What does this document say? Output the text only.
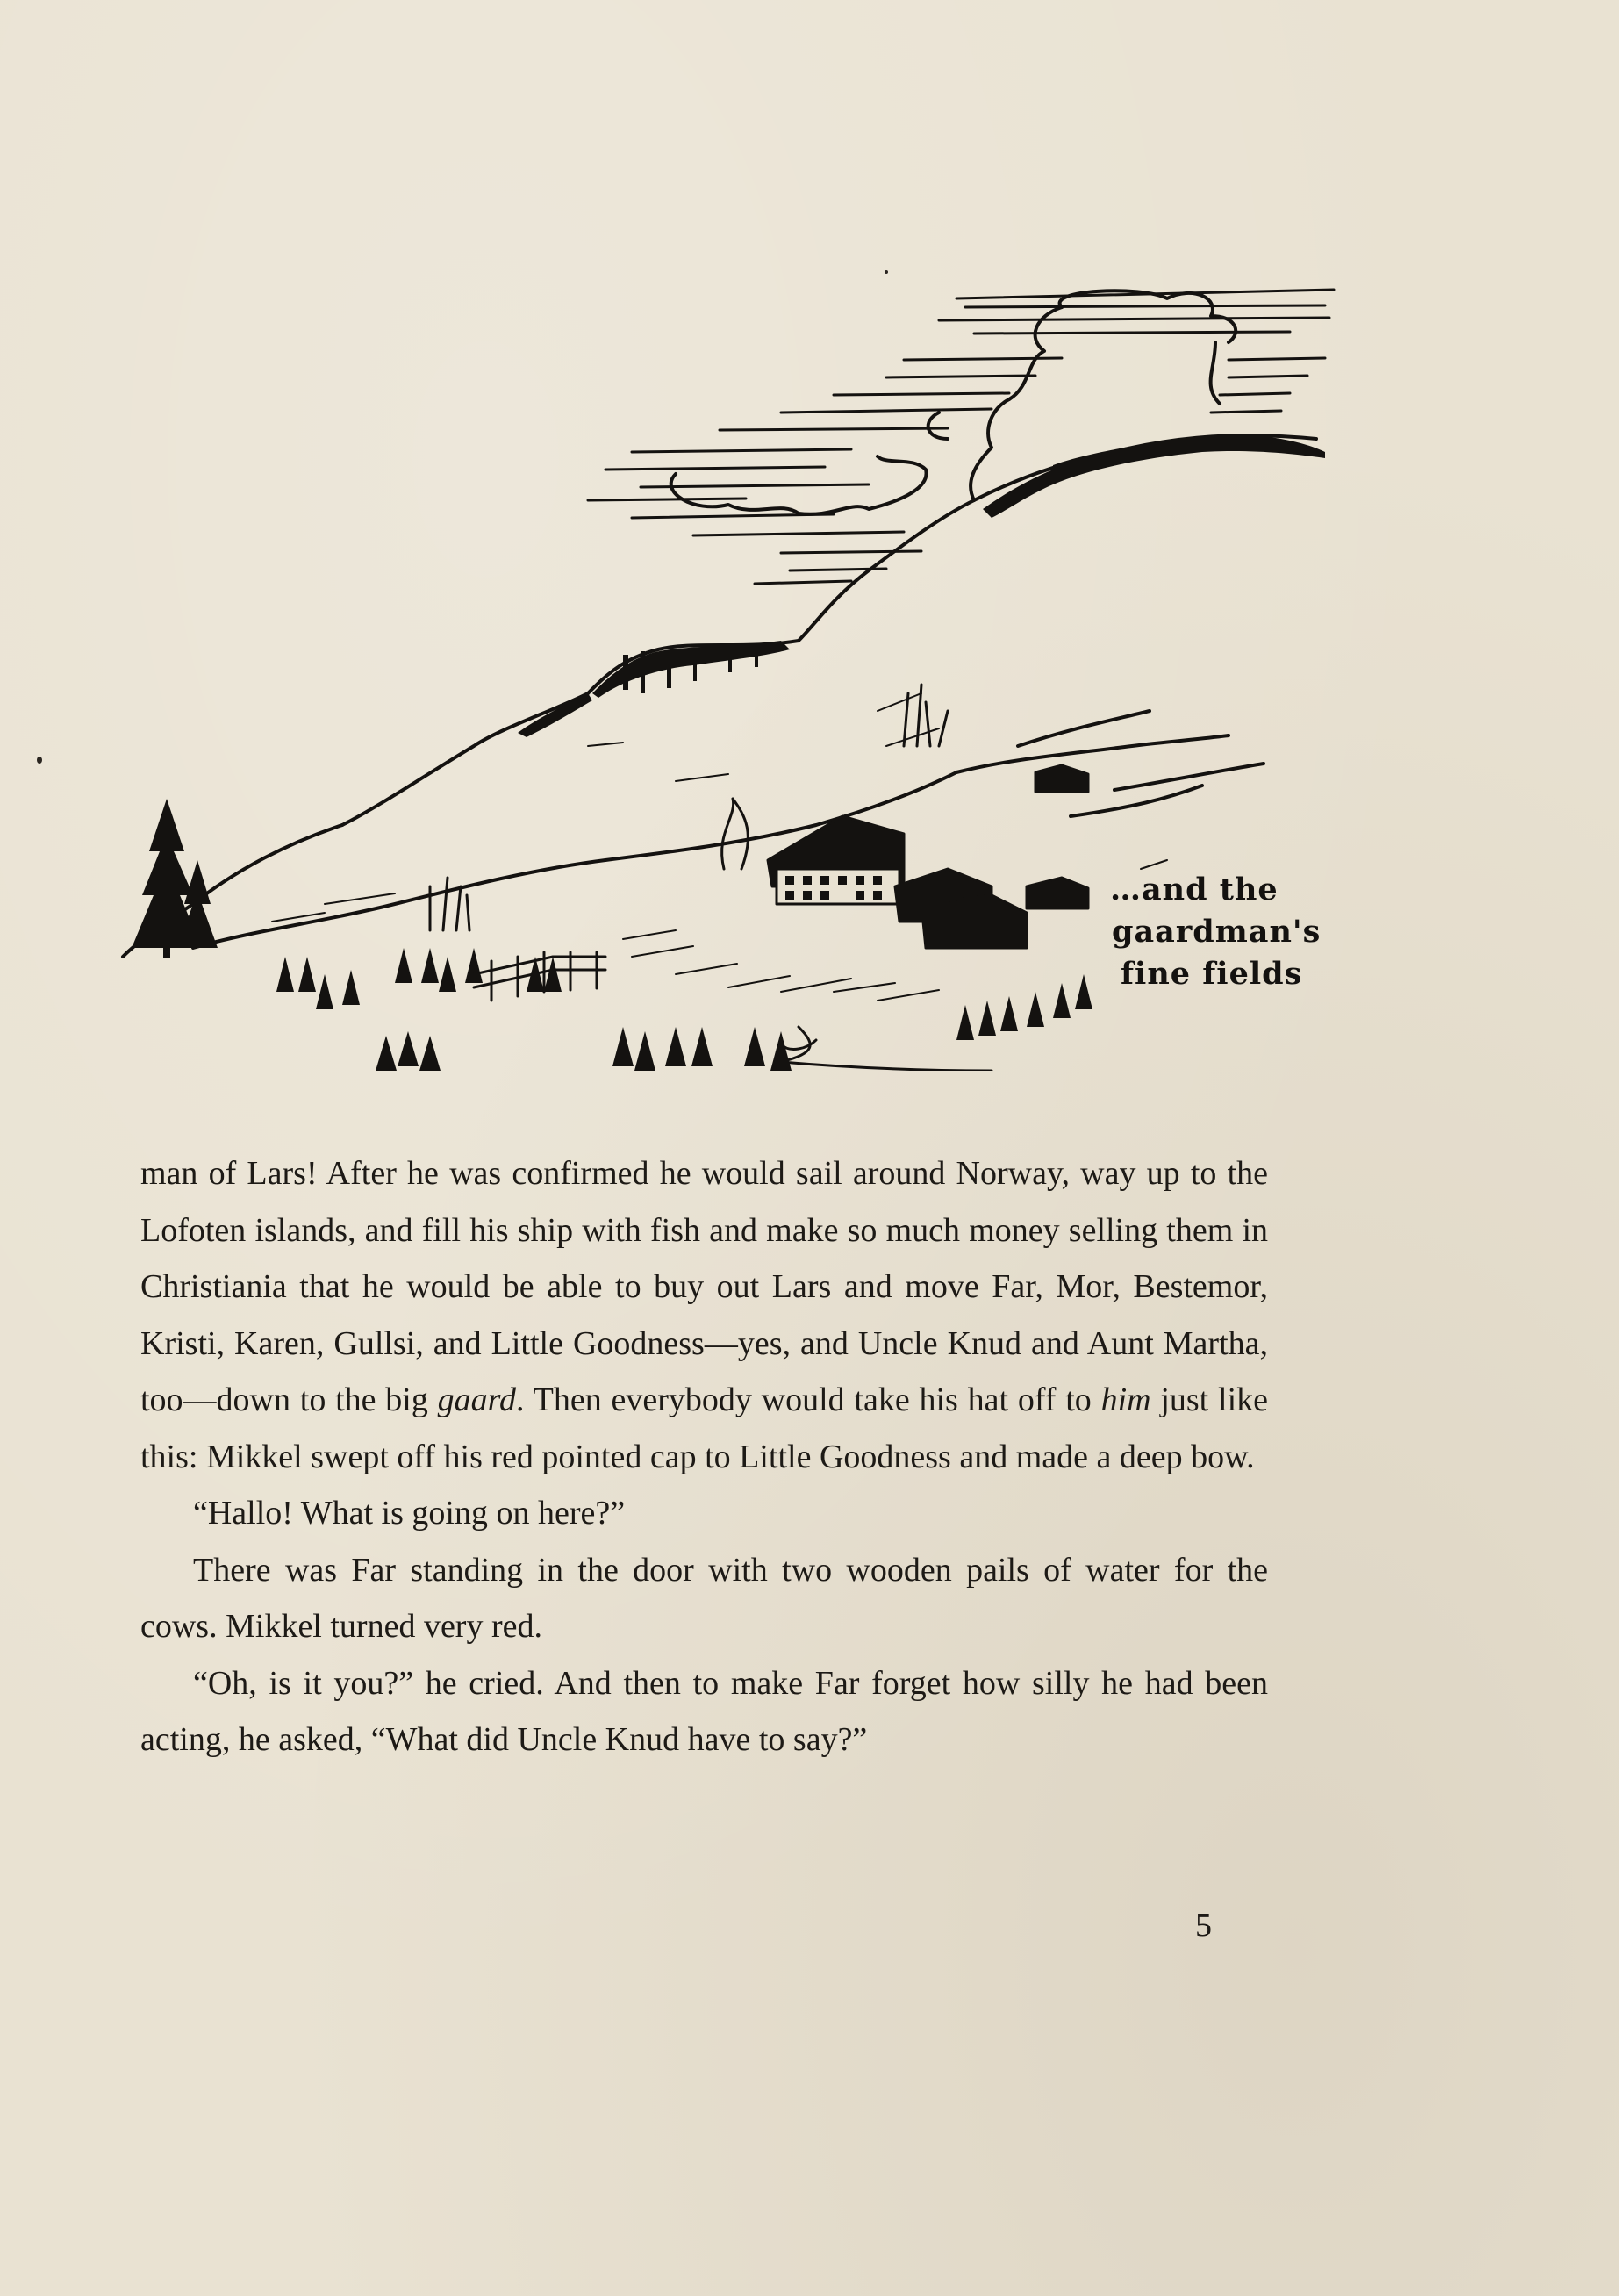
…and the
gaardman's
fine fields

man of Lars! After he was confirmed he would sail around Norway, way up to the Lofoten islands, and fill his ship with fish and make so much money selling them in Christiania that he would be able to buy out Lars and move Far, Mor, Bestemor, Kristi, Karen, Gullsi, and Little Goodness—yes, and Uncle Knud and Aunt Martha, too—down to the big gaard. Then everybody would take his hat off to him just like this: Mikkel swept off his red pointed cap to Little Goodness and made a deep bow.

“Hallo! What is going on here?”

There was Far standing in the door with two wooden pails of water for the cows. Mikkel turned very red.

“Oh, is it you?” he cried. And then to make Far forget how silly he had been acting, he asked, “What did Uncle Knud have to say?”

5
